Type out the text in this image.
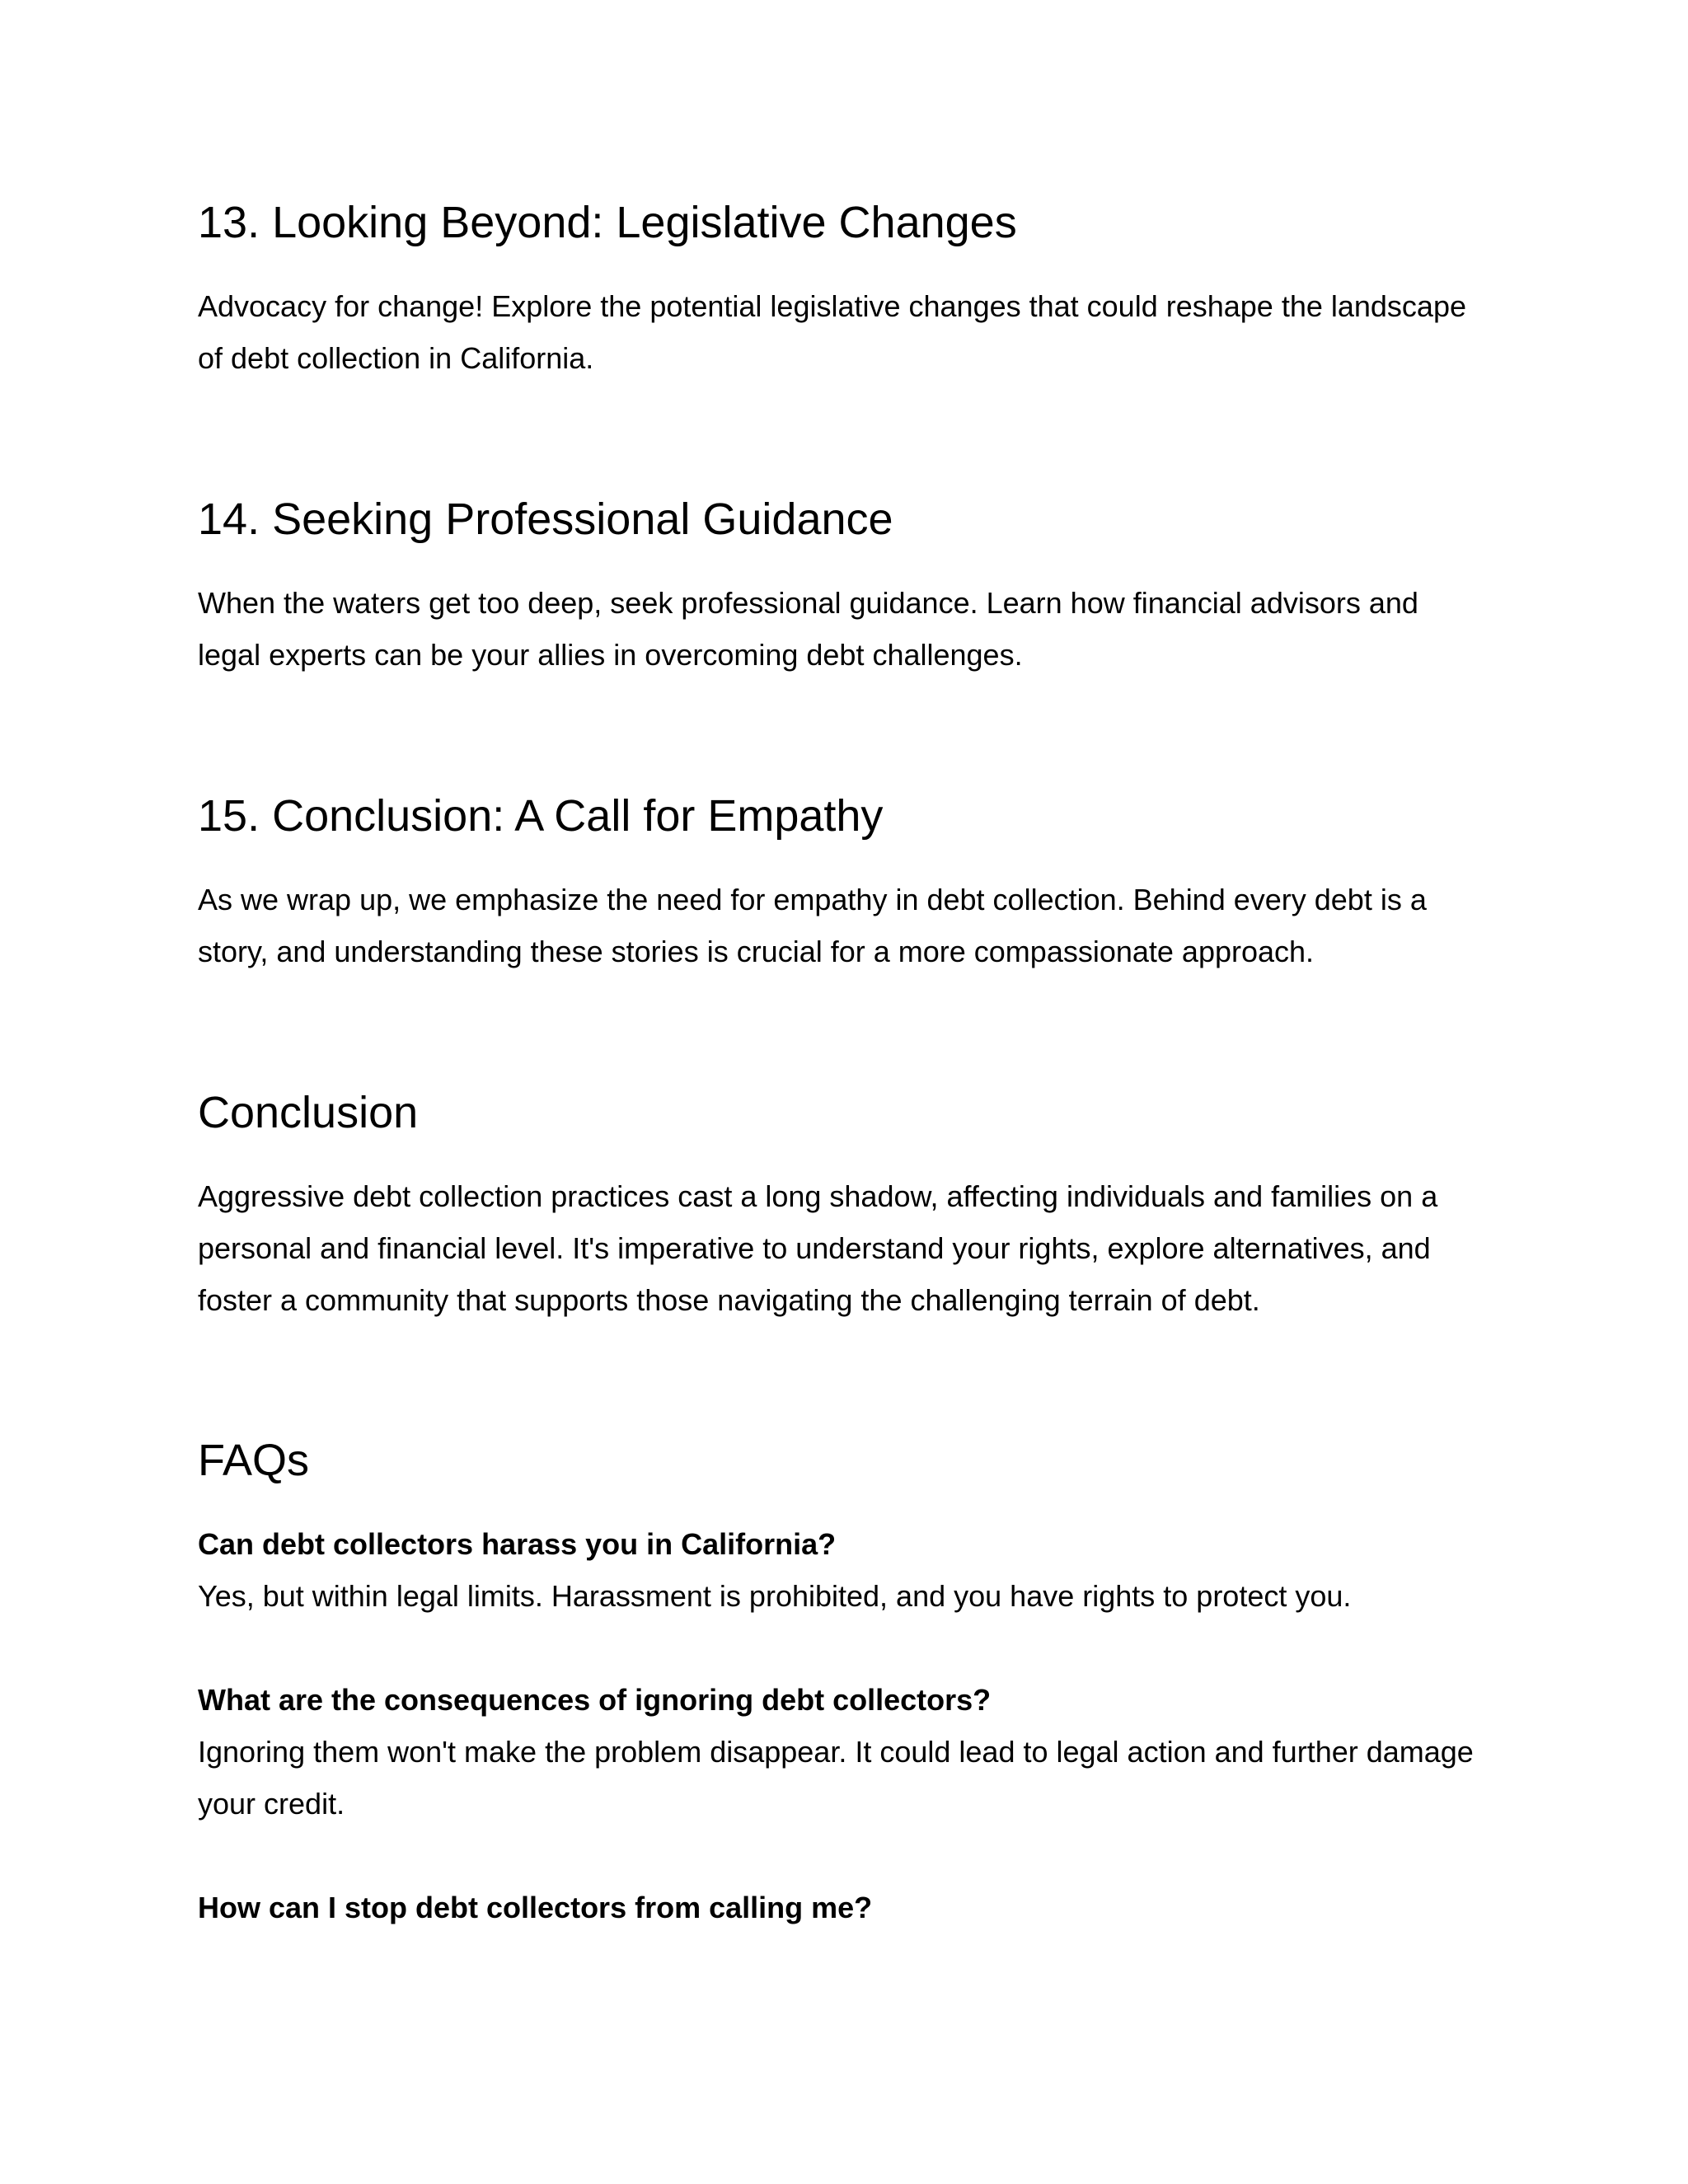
13. Looking Beyond: Legislative Changes

Advocacy for change! Explore the potential legislative changes that could reshape the landscape of debt collection in California.

14. Seeking Professional Guidance

When the waters get too deep, seek professional guidance. Learn how financial advisors and legal experts can be your allies in overcoming debt challenges.

15. Conclusion: A Call for Empathy

As we wrap up, we emphasize the need for empathy in debt collection. Behind every debt is a story, and understanding these stories is crucial for a more compassionate approach.

Conclusion

Aggressive debt collection practices cast a long shadow, affecting individuals and families on a personal and financial level. It's imperative to understand your rights, explore alternatives, and foster a community that supports those navigating the challenging terrain of debt.

FAQs

Can debt collectors harass you in California?

Yes, but within legal limits. Harassment is prohibited, and you have rights to protect you.

What are the consequences of ignoring debt collectors?

Ignoring them won't make the problem disappear. It could lead to legal action and further damage your credit.

How can I stop debt collectors from calling me?
